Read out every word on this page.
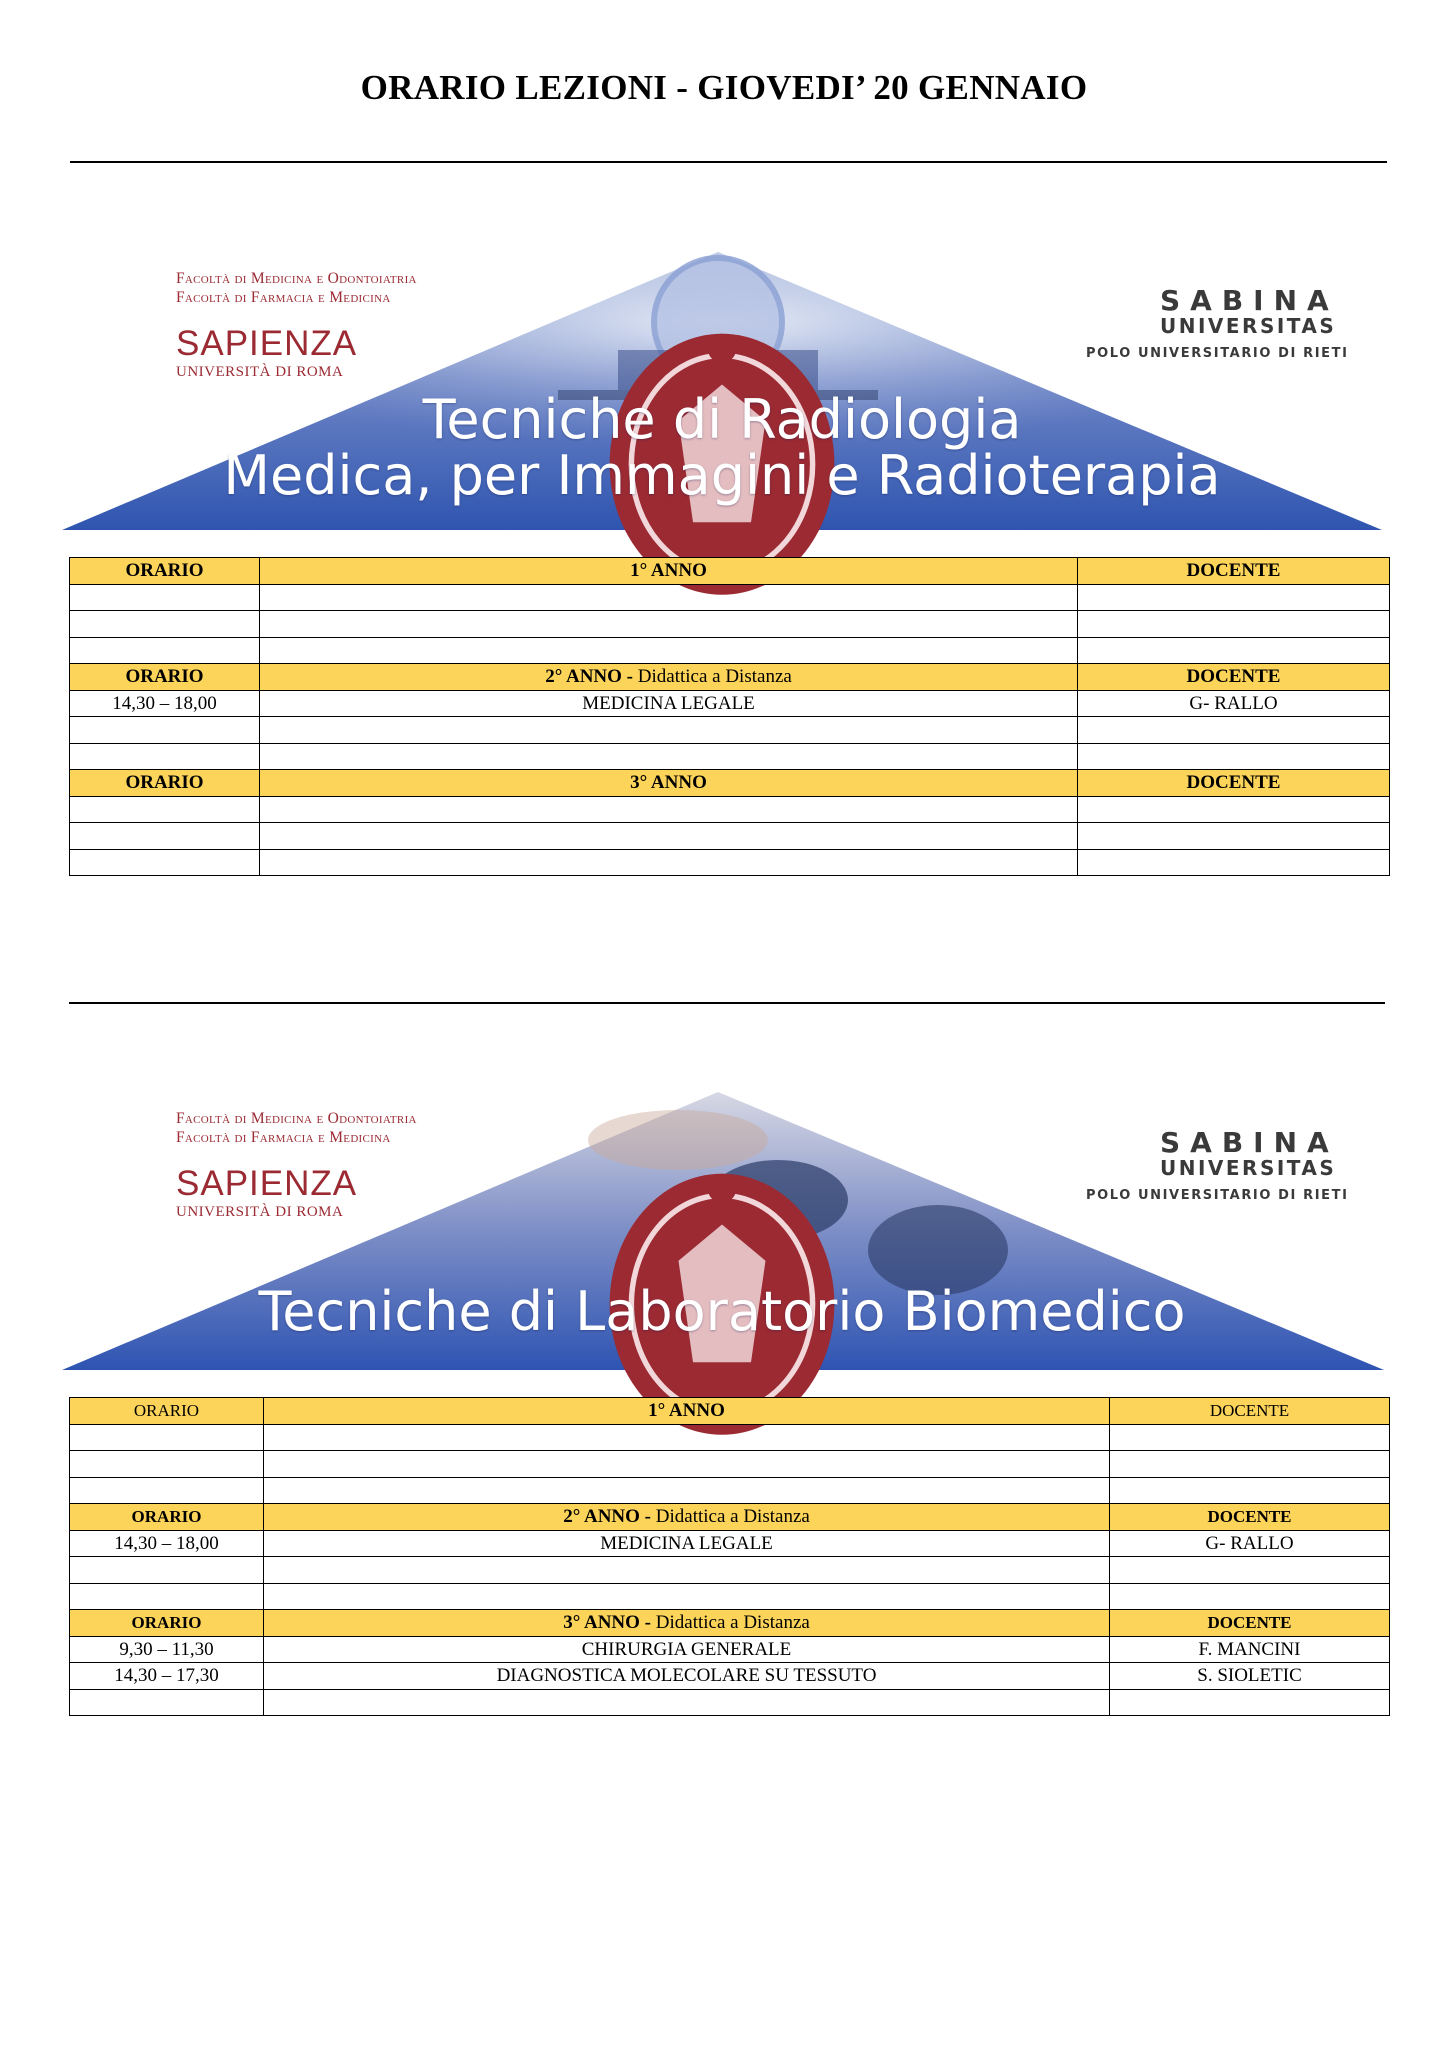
ORARIO LEZIONI - GIOVEDI’ 20 GENNAIO
Facoltà di Medicina e Odontoiatria
Facoltà di Farmacia e Medicina
SAPIENZA
UNIVERSITÀ DI ROMA
SABINA
UNIVERSITAS
POLO UNIVERSITARIO DI RIETI
Tecniche di Radiologia
Medica, per Immagini e Radioterapia
ORARIO	1° ANNO	DOCENTE

ORARIO	2° ANNO - Didattica a Distanza	DOCENTE
14,30 – 18,00	MEDICINA LEGALE	G- RALLO

ORARIO	3° ANNO	DOCENTE

Facoltà di Medicina e Odontoiatria
Facoltà di Farmacia e Medicina
SAPIENZA
UNIVERSITÀ DI ROMA
SABINA
UNIVERSITAS
POLO UNIVERSITARIO DI RIETI
Tecniche di Laboratorio Biomedico
ORARIO	1° ANNO	DOCENTE

ORARIO	2° ANNO - Didattica a Distanza	DOCENTE
14,30 – 18,00	MEDICINA LEGALE	G- RALLO

ORARIO	3° ANNO - Didattica a Distanza	DOCENTE
9,30 – 11,30	CHIRURGIA GENERALE	F. MANCINI
14,30 – 17,30	DIAGNOSTICA MOLECOLARE SU TESSUTO	S. SIOLETIC
